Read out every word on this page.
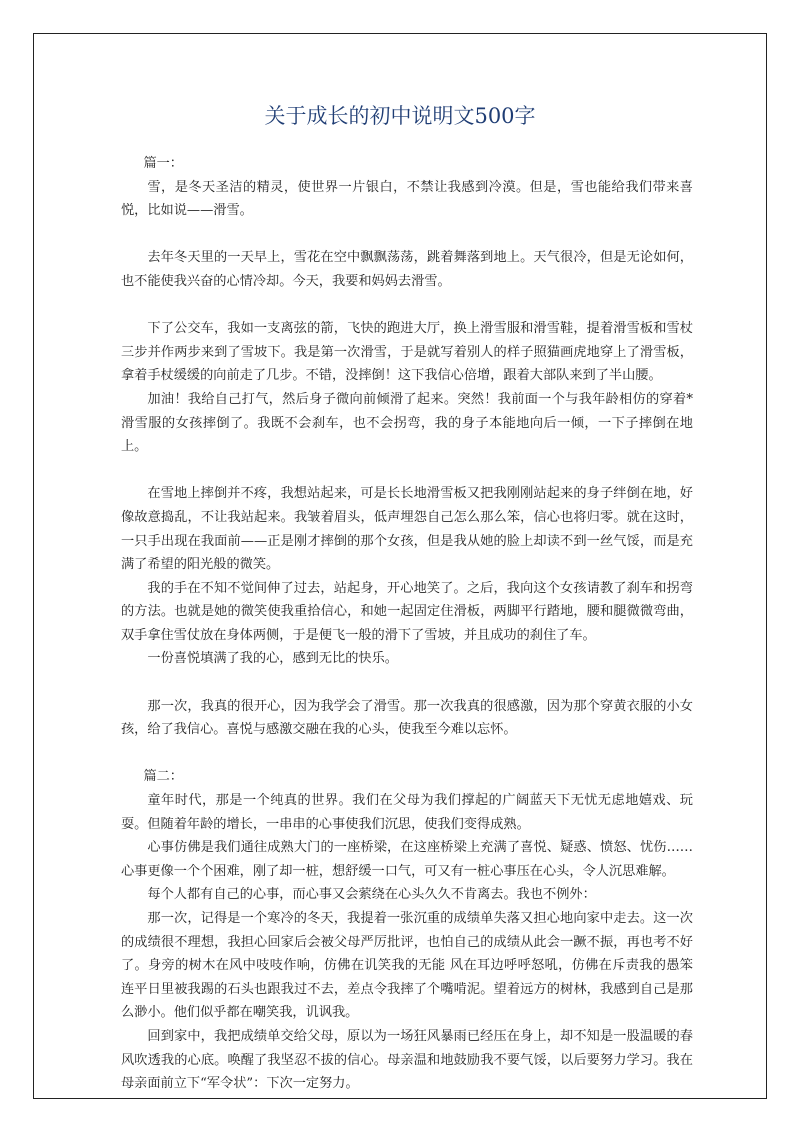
关于成长的初中说明文500字

篇一：

雪，是冬天圣洁的精灵，使世界一片银白，不禁让我感到冷漠。但是，雪也能给我们带来喜悦，比如说——滑雪。

去年冬天里的一天早上，雪花在空中飘飘荡荡，跳着舞落到地上。天气很冷，但是无论如何，也不能使我兴奋的心情冷却。今天，我要和妈妈去滑雪。

下了公交车，我如一支离弦的箭，飞快的跑进大厅，换上滑雪服和滑雪鞋，提着滑雪板和雪杖三步并作两步来到了雪坡下。我是第一次滑雪，于是就写着别人的样子照猫画虎地穿上了滑雪板，拿着手杖缓缓的向前走了几步。不错，没摔倒！这下我信心倍增，跟着大部队来到了半山腰。

加油！我给自己打气，然后身子微向前倾滑了起来。突然！我前面一个与我年龄相仿的穿着*滑雪服的女孩摔倒了。我既不会刹车，也不会拐弯，我的身子本能地向后一倾，一下子摔倒在地上。

在雪地上摔倒并不疼，我想站起来，可是长长地滑雪板又把我刚刚站起来的身子绊倒在地，好像故意捣乱，不让我站起来。我皱着眉头，低声埋怨自己怎么那么笨，信心也将归零。就在这时，一只手出现在我面前——正是刚才摔倒的那个女孩，但是我从她的脸上却读不到一丝气馁，而是充满了希望的阳光般的微笑。

我的手在不知不觉间伸了过去，站起身，开心地笑了。之后，我向这个女孩请教了刹车和拐弯的方法。也就是她的微笑使我重拾信心，和她一起固定住滑板，两脚平行踏地，腰和腿微微弯曲，双手拿住雪仗放在身体两侧，于是便飞一般的滑下了雪坡，并且成功的刹住了车。

一份喜悦填满了我的心，感到无比的快乐。

那一次，我真的很开心，因为我学会了滑雪。那一次我真的很感激，因为那个穿黄衣服的小女孩，给了我信心。喜悦与感激交融在我的心头，使我至今难以忘怀。

篇二：

童年时代，那是一个纯真的世界。我们在父母为我们撑起的广阔蓝天下无忧无虑地嬉戏、玩耍。但随着年龄的增长，一串串的心事使我们沉思，使我们变得成熟。

心事仿佛是我们通往成熟大门的一座桥梁，在这座桥梁上充满了喜悦、疑惑、愤怒、忧伤……心事更像一个个困难，刚了却一桩，想舒缓一口气，可又有一桩心事压在心头，令人沉思难解。

每个人都有自己的心事，而心事又会萦绕在心头久久不肯离去。我也不例外：

那一次，记得是一个寒冷的冬天，我提着一张沉重的成绩单失落又担心地向家中走去。这一次的成绩很不理想，我担心回家后会被父母严厉批评，也怕自己的成绩从此会一蹶不振，再也考不好了。身旁的树木在风中吱吱作响，仿佛在讥笑我的无能 风在耳边呼呼怒吼，仿佛在斥责我的愚笨 连平日里被我踢的石头也跟我过不去，差点令我摔了个嘴啃泥。望着远方的树林，我感到自己是那么渺小。他们似乎都在嘲笑我，讥讽我。

回到家中，我把成绩单交给父母，原以为一场狂风暴雨已经压在身上，却不知是一股温暖的春风吹透我的心底。唤醒了我坚忍不拔的信心。母亲温和地鼓励我不要气馁，以后要努力学习。我在母亲面前立下“军令状”：下次一定努力。
